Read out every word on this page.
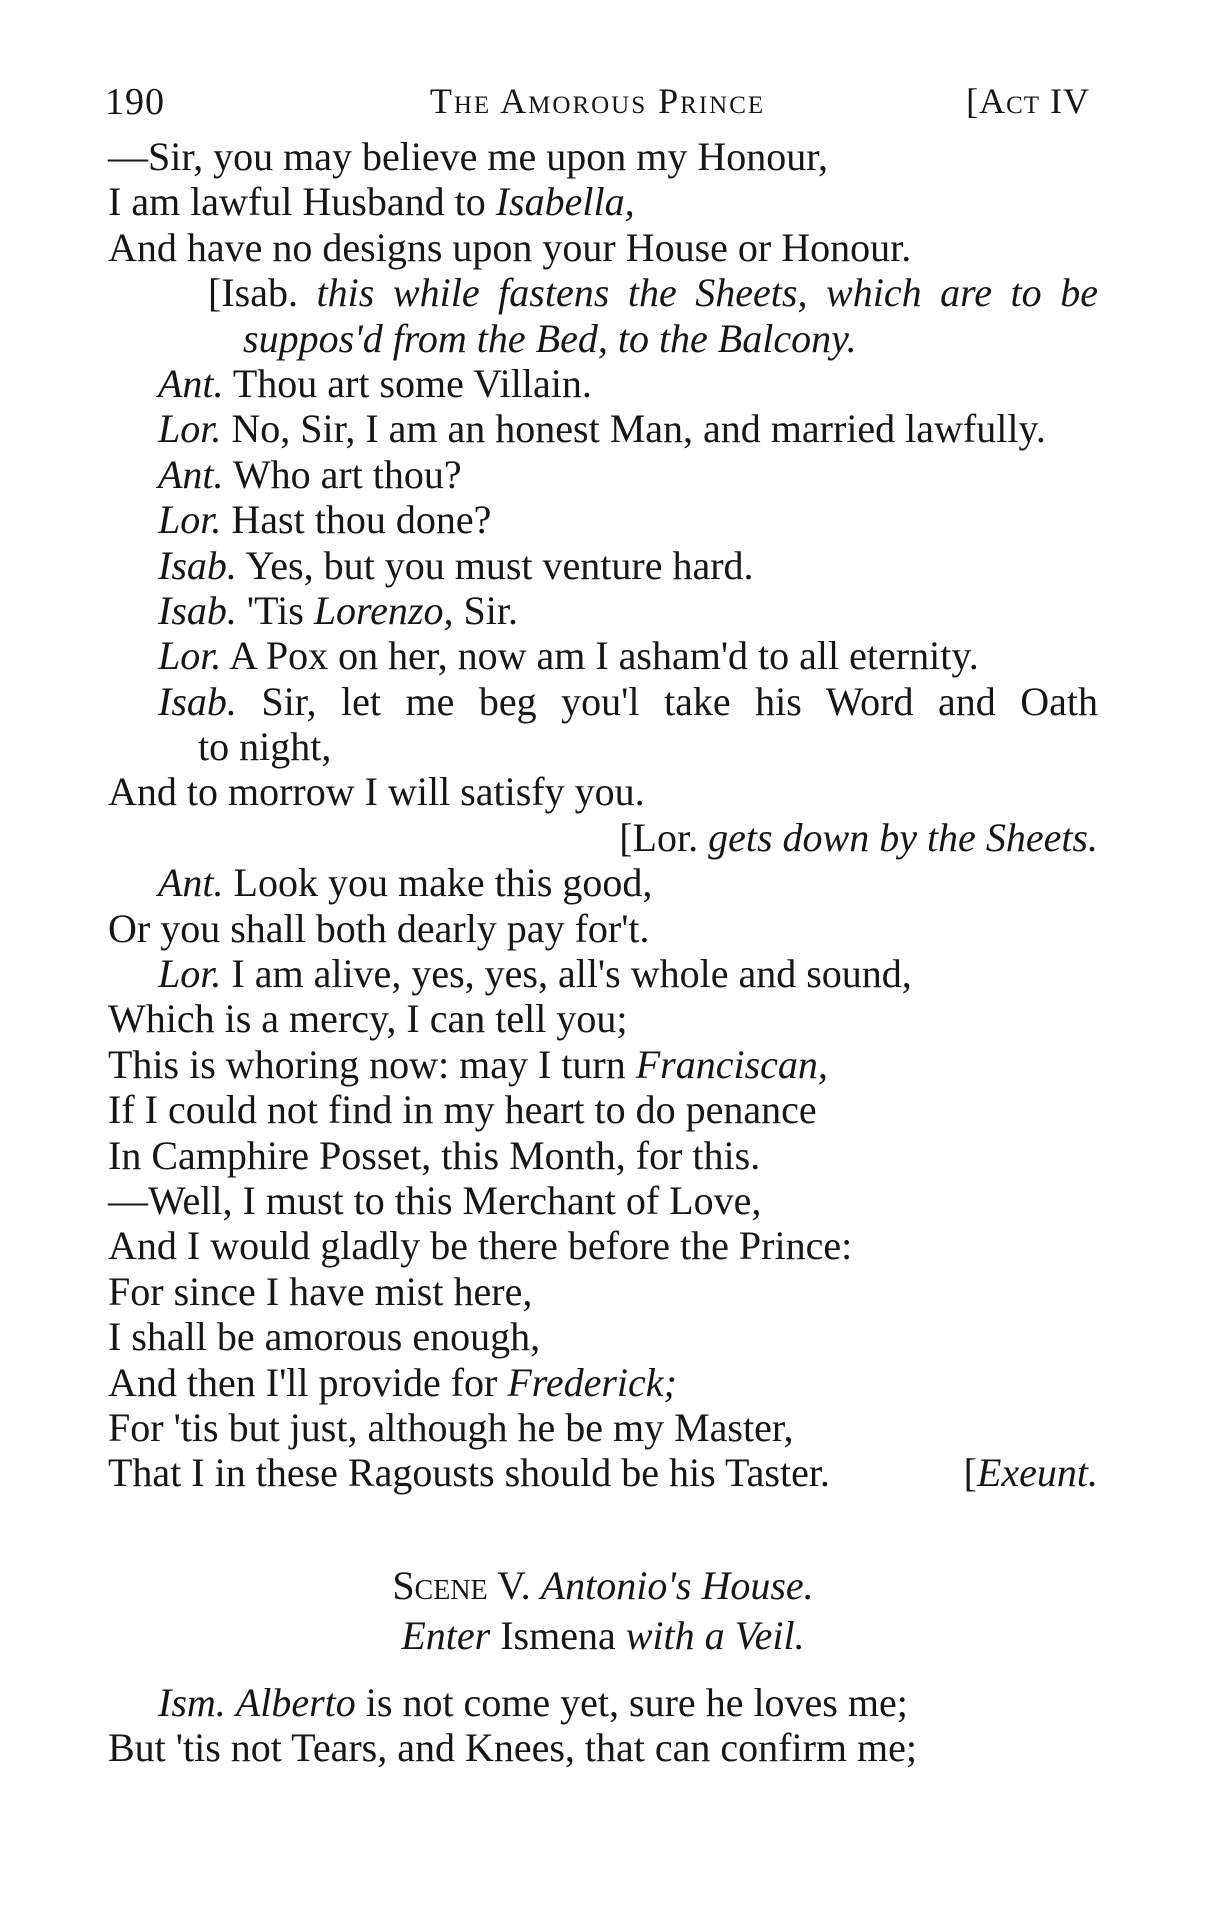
190	The Amorous Prince	[Act IV
—Sir, you may believe me upon my Honour,
I am lawful Husband to Isabella,
And have no designs upon your House or Honour.
[Isab. this while fastens the Sheets, which are to be
suppos'd from the Bed, to the Balcony.
Ant. Thou art some Villain.
Lor. No, Sir, I am an honest Man, and married lawfully.
Ant. Who art thou?
Lor. Hast thou done?
Isab. Yes, but you must venture hard.
Isab. 'Tis Lorenzo, Sir.
Lor. A Pox on her, now am I asham'd to all eternity.
Isab. Sir, let me beg you'l take his Word and Oath
to night,
And to morrow I will satisfy you.
[Lor. gets down by the Sheets.
Ant. Look you make this good,
Or you shall both dearly pay for't.
Lor. I am alive, yes, yes, all's whole and sound,
Which is a mercy, I can tell you;
This is whoring now: may I turn Franciscan,
If I could not find in my heart to do penance
In Camphire Posset, this Month, for this.
—Well, I must to this Merchant of Love,
And I would gladly be there before the Prince:
For since I have mist here,
I shall be amorous enough,
And then I'll provide for Frederick;
For 'tis but just, although he be my Master,
That I in these Ragousts should be his Taster.	[Exeunt.
Scene V. Antonio's House.
Enter Ismena with a Veil.
Ism. Alberto is not come yet, sure he loves me;
But 'tis not Tears, and Knees, that can confirm me;
